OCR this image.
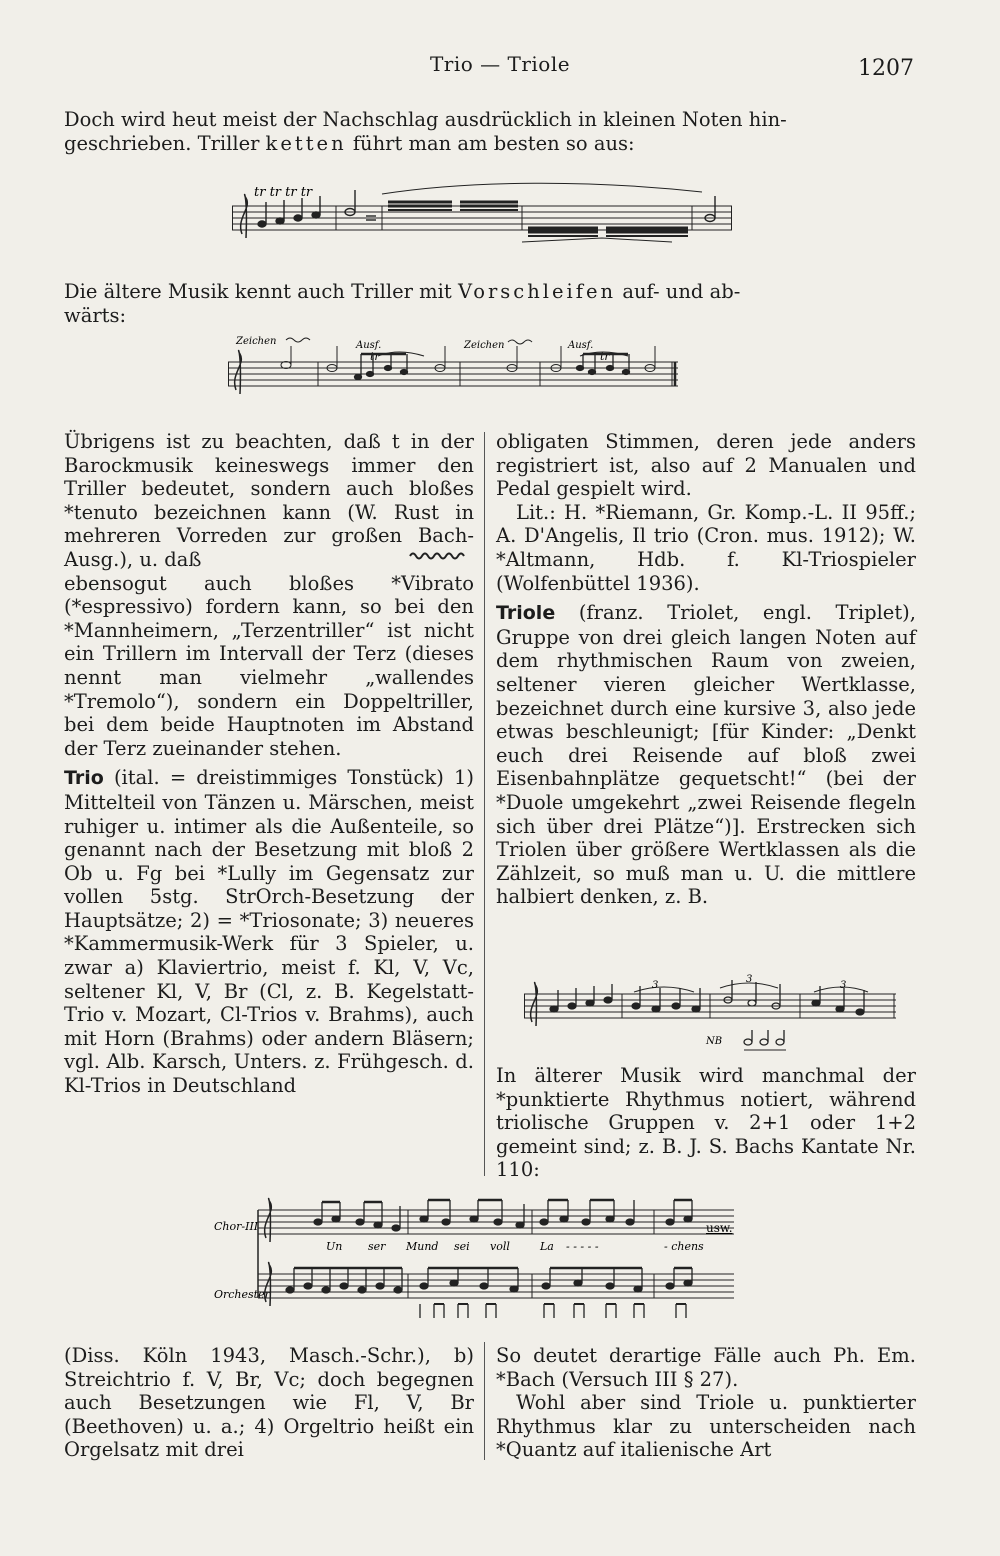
Trio — Triole	1207
Doch wird heut meist der Nachschlag ausdrücklich in kleinen Noten hin-
geschrieben. Triller ketten führt man am besten so aus:
tr tr tr tr
Die ältere Musik kennt auch Triller mit Vorschleifen auf- und ab-
wärts:
Zeichen	Ausf.	Zeichen	Ausf.
tr	tr

Übrigens ist zu beachten, daß t in der Barockmusik keineswegs immer den Triller bedeutet, sondern auch bloßes *tenuto bezeichnen kann (W. Rust in mehreren Vorreden zur großen Bach-Ausg.), u. daß

ebensogut auch bloßes *Vibrato (*espressivo) fordern kann, so bei den *Mannheimern, „Terzentriller“ ist nicht ein Trillern im Intervall der Terz (dieses nennt man vielmehr „wallendes *Tremolo“), sondern ein Doppeltriller, bei dem beide Hauptnoten im Abstand der Terz zueinander stehen.

Trio (ital. = dreistimmiges Tonstück) 1) Mittelteil von Tänzen u. Märschen, meist ruhiger u. intimer als die Außenteile, so genannt nach der Besetzung mit bloß 2 Ob u. Fg bei *Lully im Gegensatz zur vollen 5stg. StrOrch-Besetzung der Hauptsätze; 2) = *Triosonate; 3) neueres *Kammermusik-Werk für 3 Spieler, u. zwar a) Klaviertrio, meist f. Kl, V, Vc, seltener Kl, V, Br (Cl, z. B. Kegelstatt-Trio v. Mozart, Cl-Trios v. Brahms), auch mit Horn (Brahms) oder andern Bläsern; vgl. Alb. Karsch, Unters. z. Frühgesch. d. Kl-Trios in Deutschland

obligaten Stimmen, deren jede anders registriert ist, also auf 2 Manualen und Pedal gespielt wird.

Lit.: H. *Riemann, Gr. Komp.-L. II 95ff.; A. D'Angelis, Il trio (Cron. mus. 1912); W. *Altmann, Hdb. f. Kl-Triospieler (Wolfenbüttel 1936).

Triole (franz. Triolet, engl. Triplet), Gruppe von drei gleich langen Noten auf dem rhythmischen Raum von zweien, seltener vieren gleicher Wertklasse, bezeichnet durch eine kursive 3, also jede etwas beschleunigt; [für Kinder: „Denkt euch drei Reisende auf bloß zwei Eisenbahnplätze gequetscht!“ (bei der *Duole umgekehrt „zwei Reisende flegeln sich über drei Plätze“)]. Erstrecken sich Triolen über größere Wertklassen als die Zählzeit, so muß man u. U. die mittlere halbiert denken, z. B.

3
3
3
NB

In älterer Musik wird manchmal der *punktierte Rhythmus notiert, während triolische Gruppen v. 2+1 oder 1+2 gemeint sind; z. B. J. S. Bachs Kantate Nr. 110:

Chor-III
Orchester
Un ser Mund sei voll	La - - - - -	- chens
usw.

(Diss. Köln 1943, Masch.-Schr.), b) Streichtrio f. V, Br, Vc; doch begegnen auch Besetzungen wie Fl, V, Br (Beethoven) u. a.; 4) Orgeltrio heißt ein Orgelsatz mit drei

So deutet derartige Fälle auch Ph. Em. *Bach (Versuch III § 27).

Wohl aber sind Triole u. punktierter Rhythmus klar zu unterscheiden nach *Quantz auf italienische Art
